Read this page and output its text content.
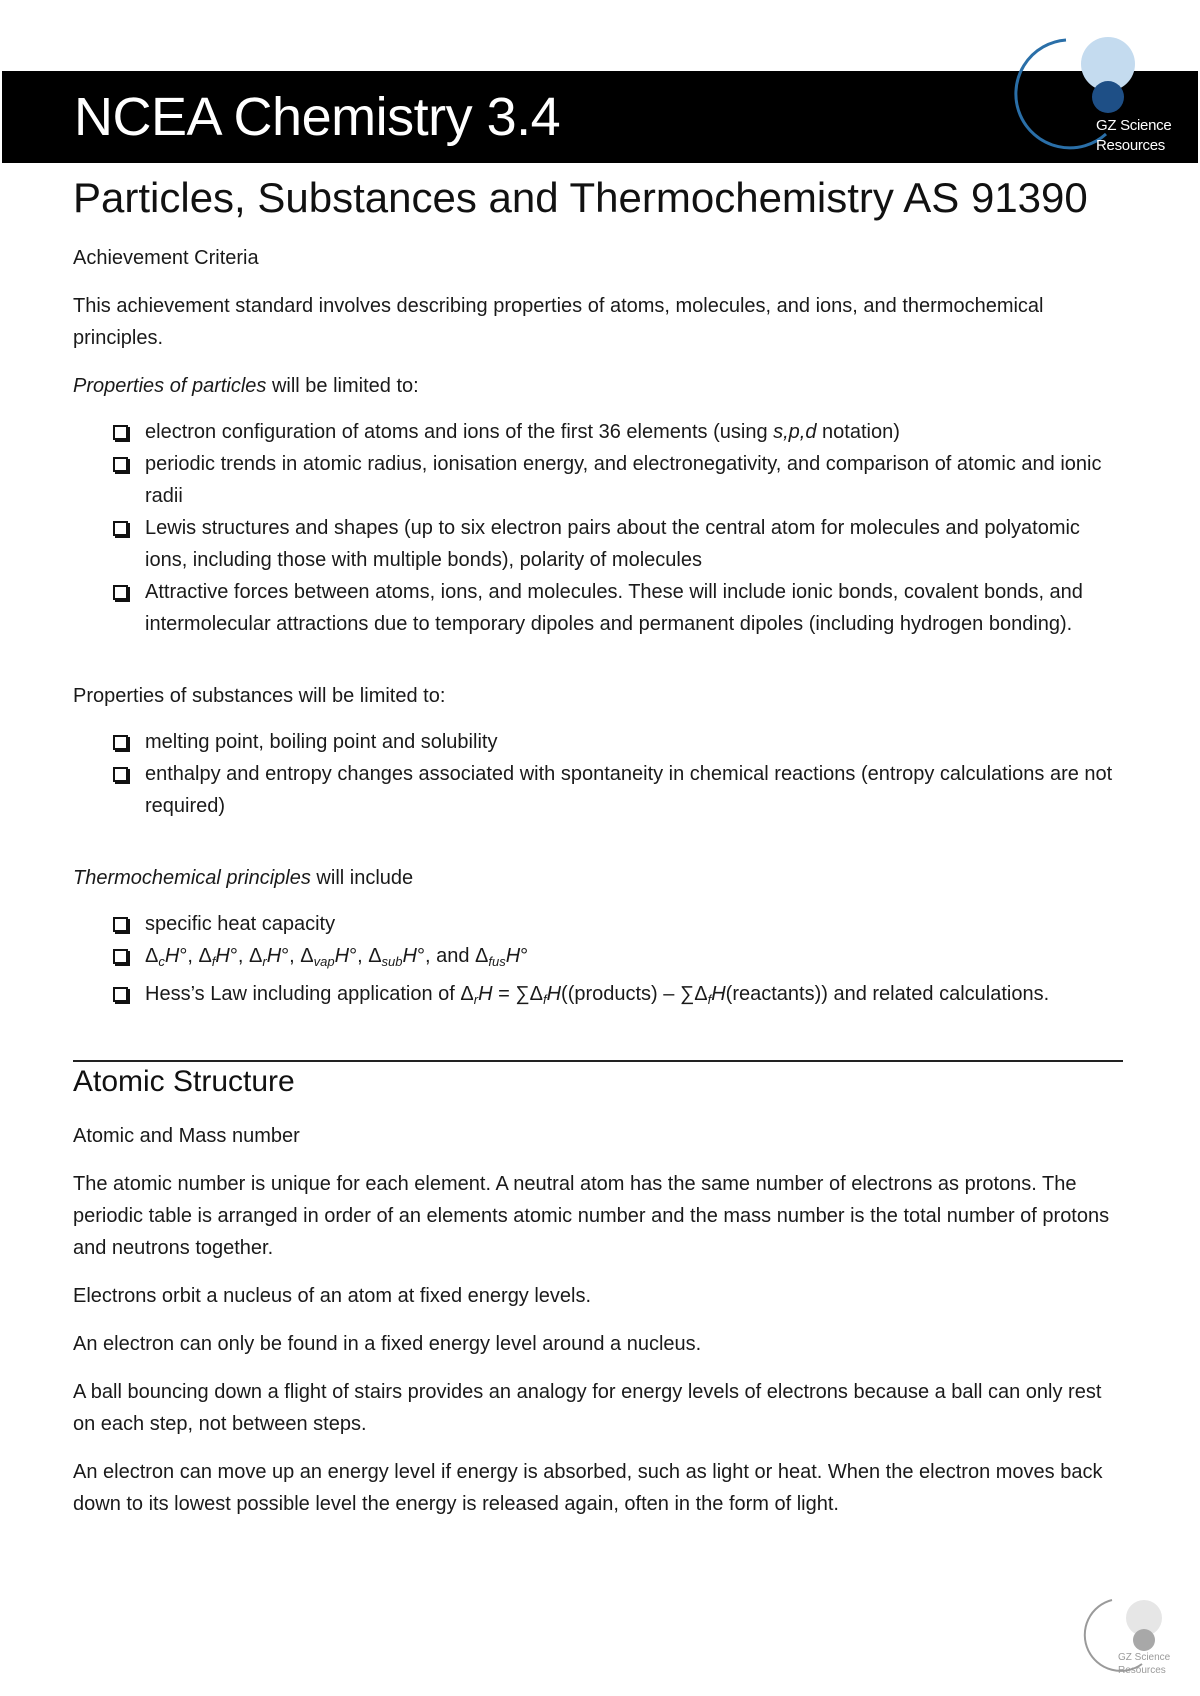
NCEA Chemistry 3.4	GZ Science
Resources
Particles, Substances and Thermochemistry AS 91390

Achievement Criteria

This achievement standard involves describing properties of atoms, molecules, and ions, and thermochemical principles.

Properties of particles will be limited to:

electron configuration of atoms and ions of the first 36 elements (using s,p,d notation)
periodic trends in atomic radius, ionisation energy, and electronegativity, and comparison of atomic and ionic radii
Lewis structures and shapes (up to six electron pairs about the central atom for molecules and polyatomic ions, including those with multiple bonds), polarity of molecules
Attractive forces between atoms, ions, and molecules. These will include ionic bonds, covalent bonds, and intermolecular attractions due to temporary dipoles and permanent dipoles (including hydrogen bonding).

Properties of substances will be limited to:

melting point, boiling point and solubility
enthalpy and entropy changes associated with spontaneity in chemical reactions (entropy calculations are not required)

Thermochemical principles will include

specific heat capacity
$\Delta_cH^\circ$, $\Delta_fH^\circ$, $\Delta_rH^\circ$, $\Delta_{vap}H^\circ$, $\Delta_{sub}H^\circ$, and $\Delta_{fus}H^\circ$
Hess’s Law including application of $\Delta_rH$ = $\sum\Delta_fH((products)$ – $\sum\Delta_fH(reactants)$) and related calculations.
Atomic Structure

Atomic and Mass number

The atomic number is unique for each element. A neutral atom has the same number of electrons as protons. The periodic table is arranged in order of an elements atomic number and the mass number is the total number of protons and neutrons together.

Electrons orbit a nucleus of an atom at fixed energy levels.

An electron can only be found in a fixed energy level around a nucleus.

A ball bouncing down a flight of stairs provides an analogy for energy levels of electrons because a ball can only rest on each step, not between steps.

An electron can move up an energy level if energy is absorbed, such as light or heat. When the electron moves back down to its lowest possible level the energy is released again, often in the form of light.

GZ Science
Resources
